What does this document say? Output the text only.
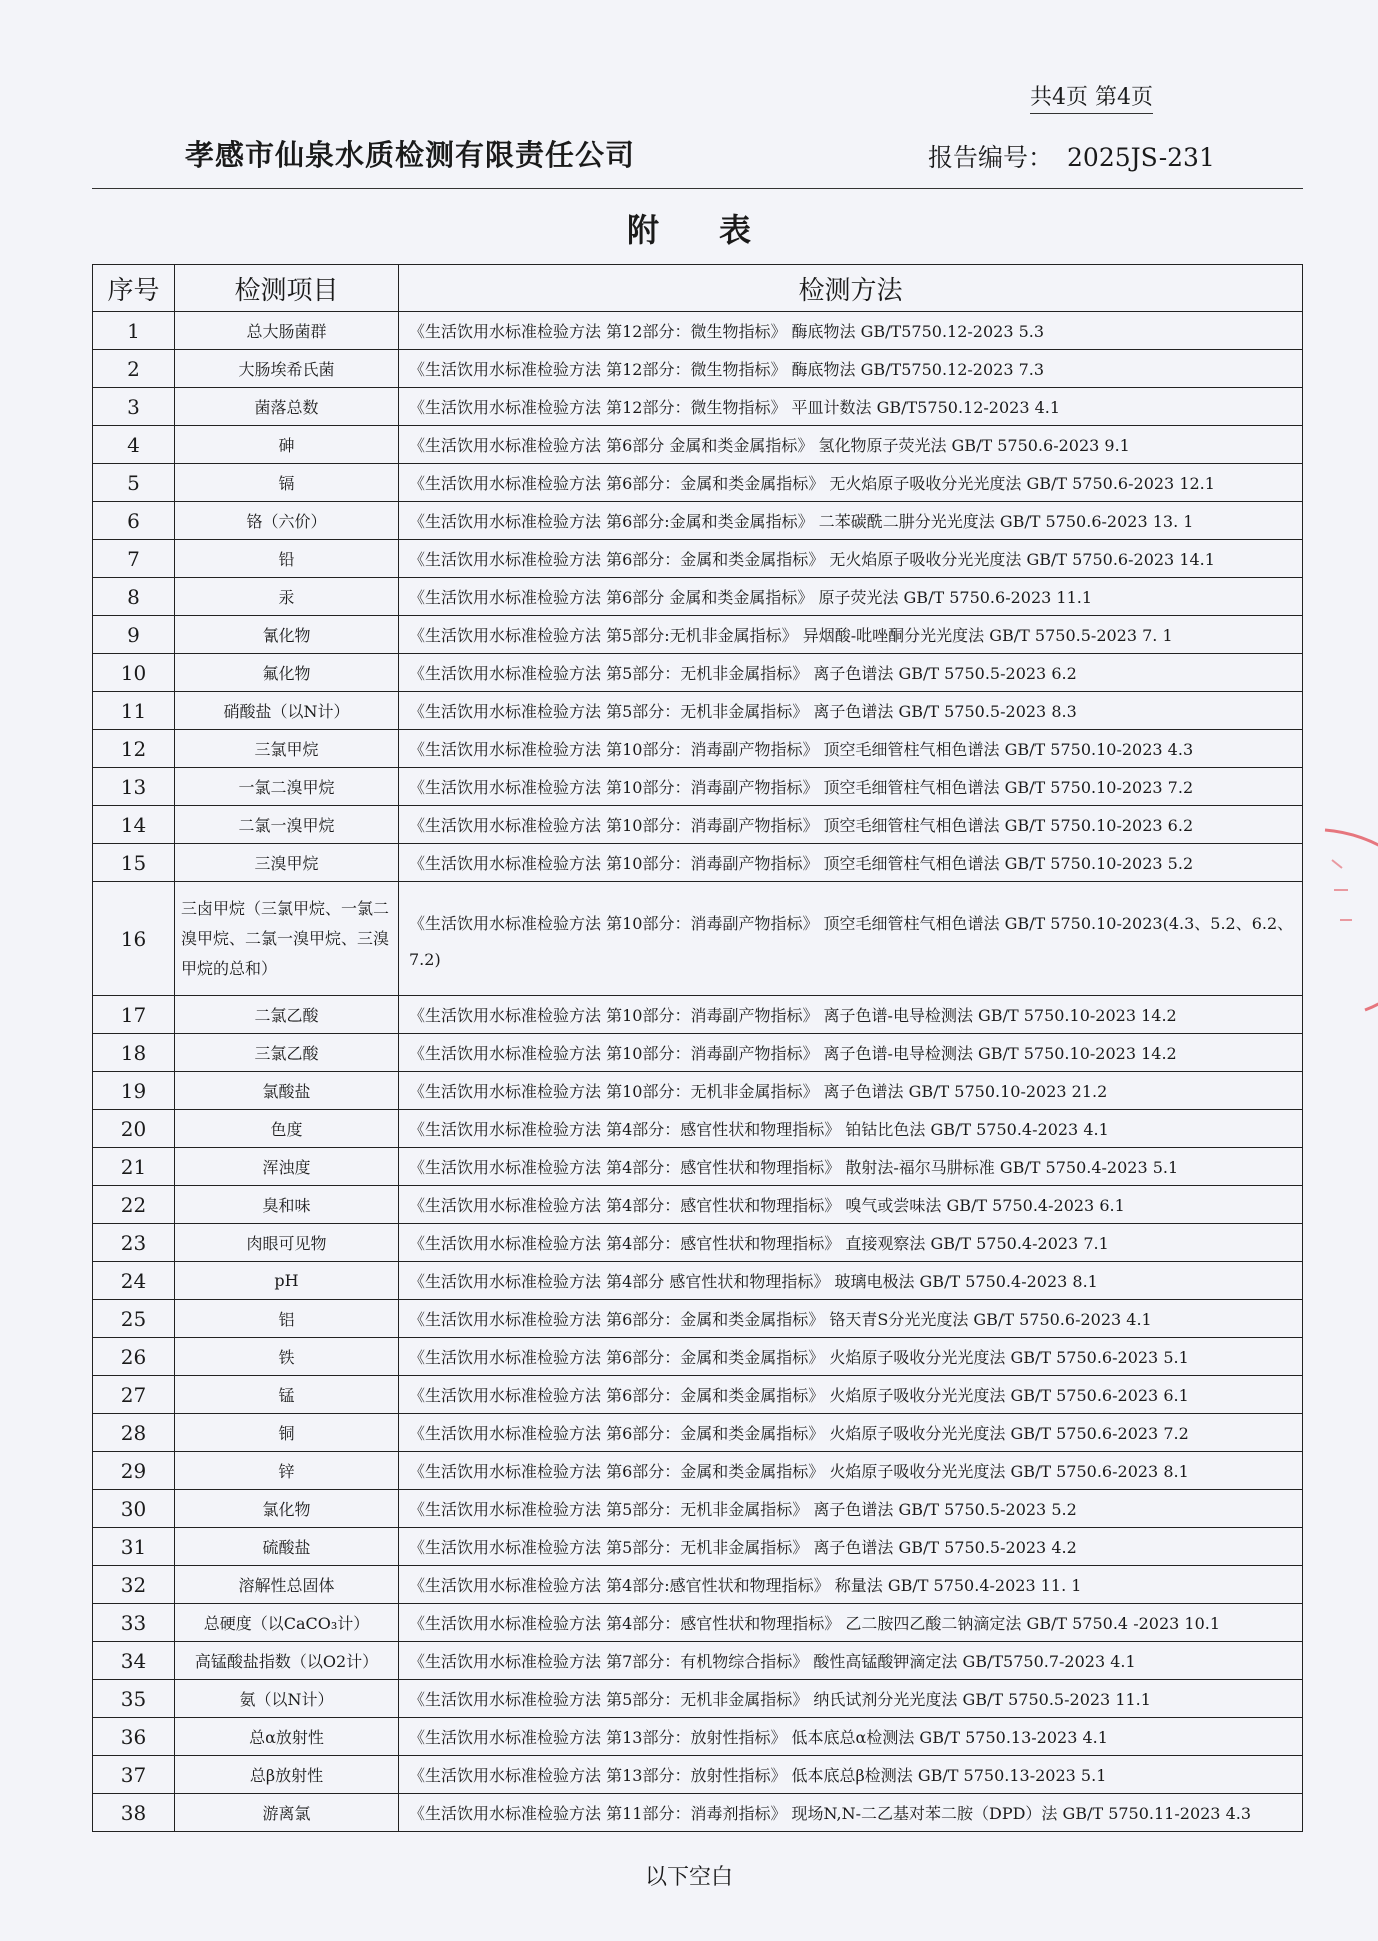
共4页 第4页
孝感市仙泉水质检测有限责任公司	报告编号： 2025JS-231
附表
序号	检测项目	检测方法
1	总大肠菌群	《生活饮用水标准检验方法 第12部分：微生物指标》 酶底物法 GB/T5750.12-2023 5.3
2	大肠埃希氏菌	《生活饮用水标准检验方法 第12部分：微生物指标》 酶底物法 GB/T5750.12-2023 7.3
3	菌落总数	《生活饮用水标准检验方法 第12部分：微生物指标》 平皿计数法 GB/T5750.12-2023 4.1
4	砷	《生活饮用水标准检验方法 第6部分 金属和类金属指标》 氢化物原子荧光法 GB/T 5750.6-2023 9.1
5	镉	《生活饮用水标准检验方法 第6部分：金属和类金属指标》 无火焰原子吸收分光光度法 GB/T 5750.6-2023 12.1
6	铬（六价）	《生活饮用水标准检验方法 第6部分:金属和类金属指标》 二苯碳酰二肼分光光度法 GB/T 5750.6-2023 13. 1
7	铅	《生活饮用水标准检验方法 第6部分：金属和类金属指标》 无火焰原子吸收分光光度法 GB/T 5750.6-2023 14.1
8	汞	《生活饮用水标准检验方法 第6部分 金属和类金属指标》 原子荧光法 GB/T 5750.6-2023 11.1
9	氰化物	《生活饮用水标准检验方法 第5部分:无机非金属指标》 异烟酸-吡唑酮分光光度法 GB/T 5750.5-2023 7. 1
10	氟化物	《生活饮用水标准检验方法 第5部分：无机非金属指标》 离子色谱法 GB/T 5750.5-2023 6.2
11	硝酸盐（以N计）	《生活饮用水标准检验方法 第5部分：无机非金属指标》 离子色谱法 GB/T 5750.5-2023 8.3
12	三氯甲烷	《生活饮用水标准检验方法 第10部分：消毒副产物指标》 顶空毛细管柱气相色谱法 GB/T 5750.10-2023 4.3
13	一氯二溴甲烷	《生活饮用水标准检验方法 第10部分：消毒副产物指标》 顶空毛细管柱气相色谱法 GB/T 5750.10-2023 7.2
14	二氯一溴甲烷	《生活饮用水标准检验方法 第10部分：消毒副产物指标》 顶空毛细管柱气相色谱法 GB/T 5750.10-2023 6.2
15	三溴甲烷	《生活饮用水标准检验方法 第10部分：消毒副产物指标》 顶空毛细管柱气相色谱法 GB/T 5750.10-2023 5.2
16	三卤甲烷（三氯甲烷、一氯二溴甲烷、二氯一溴甲烷、三溴甲烷的总和）	《生活饮用水标准检验方法 第10部分：消毒副产物指标》 顶空毛细管柱气相色谱法 GB/T 5750.10-2023(4.3、5.2、6.2、7.2)
17	二氯乙酸	《生活饮用水标准检验方法 第10部分：消毒副产物指标》 离子色谱-电导检测法 GB/T 5750.10-2023 14.2
18	三氯乙酸	《生活饮用水标准检验方法 第10部分：消毒副产物指标》 离子色谱-电导检测法 GB/T 5750.10-2023 14.2
19	氯酸盐	《生活饮用水标准检验方法 第10部分：无机非金属指标》 离子色谱法 GB/T 5750.10-2023 21.2
20	色度	《生活饮用水标准检验方法 第4部分：感官性状和物理指标》 铂钴比色法 GB/T 5750.4-2023 4.1
21	浑浊度	《生活饮用水标准检验方法 第4部分：感官性状和物理指标》 散射法-福尔马肼标准 GB/T 5750.4-2023 5.1
22	臭和味	《生活饮用水标准检验方法 第4部分：感官性状和物理指标》 嗅气或尝味法 GB/T 5750.4-2023 6.1
23	肉眼可见物	《生活饮用水标准检验方法 第4部分：感官性状和物理指标》 直接观察法 GB/T 5750.4-2023 7.1
24	pH	《生活饮用水标准检验方法 第4部分 感官性状和物理指标》 玻璃电极法 GB/T 5750.4-2023 8.1
25	铝	《生活饮用水标准检验方法 第6部分：金属和类金属指标》 铬天青S分光光度法 GB/T 5750.6-2023 4.1
26	铁	《生活饮用水标准检验方法 第6部分：金属和类金属指标》 火焰原子吸收分光光度法 GB/T 5750.6-2023 5.1
27	锰	《生活饮用水标准检验方法 第6部分：金属和类金属指标》 火焰原子吸收分光光度法 GB/T 5750.6-2023 6.1
28	铜	《生活饮用水标准检验方法 第6部分：金属和类金属指标》 火焰原子吸收分光光度法 GB/T 5750.6-2023 7.2
29	锌	《生活饮用水标准检验方法 第6部分：金属和类金属指标》 火焰原子吸收分光光度法 GB/T 5750.6-2023 8.1
30	氯化物	《生活饮用水标准检验方法 第5部分：无机非金属指标》 离子色谱法 GB/T 5750.5-2023 5.2
31	硫酸盐	《生活饮用水标准检验方法 第5部分：无机非金属指标》 离子色谱法 GB/T 5750.5-2023 4.2
32	溶解性总固体	《生活饮用水标准检验方法 第4部分:感官性状和物理指标》 称量法 GB/T 5750.4-2023 11. 1
33	总硬度（以CaCO₃计）	《生活饮用水标准检验方法 第4部分：感官性状和物理指标》 乙二胺四乙酸二钠滴定法 GB/T 5750.4 -2023 10.1
34	高锰酸盐指数（以O2计）	《生活饮用水标准检验方法 第7部分：有机物综合指标》 酸性高锰酸钾滴定法 GB/T5750.7-2023 4.1
35	氨（以N计）	《生活饮用水标准检验方法 第5部分：无机非金属指标》 纳氏试剂分光光度法 GB/T 5750.5-2023 11.1
36	总α放射性	《生活饮用水标准检验方法 第13部分：放射性指标》 低本底总α检测法 GB/T 5750.13-2023 4.1
37	总β放射性	《生活饮用水标准检验方法 第13部分：放射性指标》 低本底总β检测法 GB/T 5750.13-2023 5.1
38	游离氯	《生活饮用水标准检验方法 第11部分：消毒剂指标》 现场N,N-二乙基对苯二胺（DPD）法 GB/T 5750.11-2023 4.3
以下空白
